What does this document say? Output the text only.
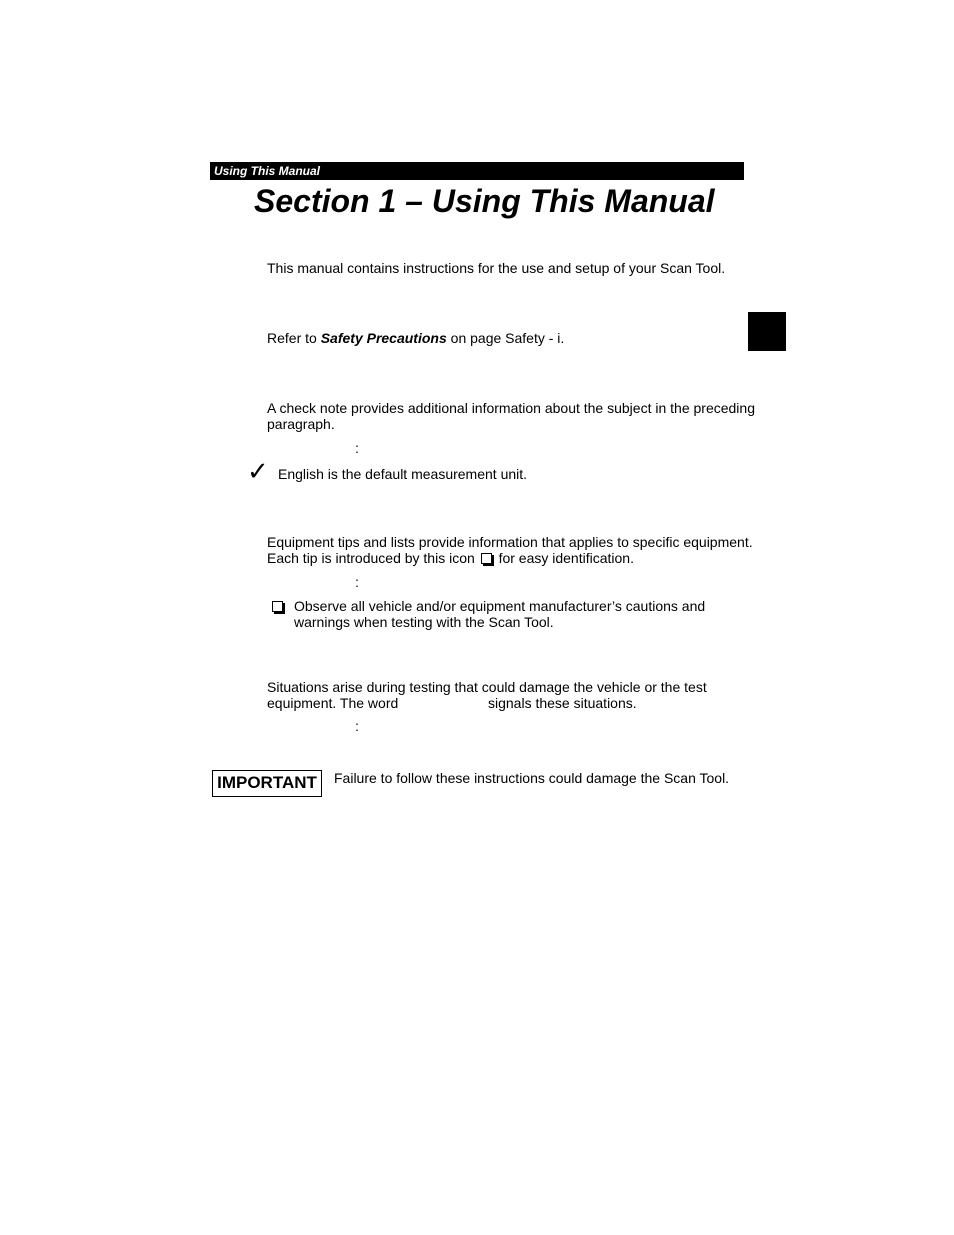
Using This Manual
Section 1 – Using This Manual
This manual contains instructions for the use and setup of your Scan Tool.
Refer to Safety Precautions on page Safety - i.
A check note provides additional information about the subject in the preceding
paragraph.
:
✓ English is the default measurement unit.
Equipment tips and lists provide information that applies to specific equipment.
Each tip is introduced by this icon for easy identification.
:
Observe all vehicle and/or equipment manufacturer’s cautions and
warnings when testing with the Scan Tool.
Situations arise during testing that could damage the vehicle or the test
equipment. The word	signals these situations.
:
IMPORTANT Failure to follow these instructions could damage the Scan Tool.
